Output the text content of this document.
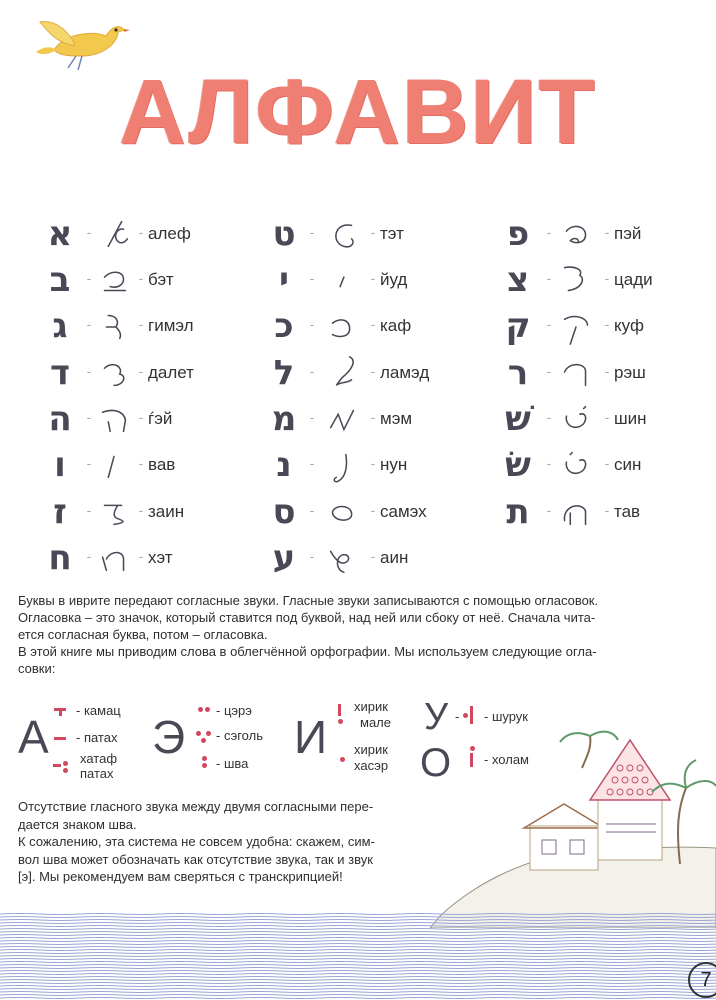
АЛФАВИТ
א	-	- алеф
ב	-	- бэт
ג	-	- гимэл
ד	-	- далет
ה	-	- ѓэй
ו	-	- вав
ז	-	- заин
ח	-	- хэт
ט	-	- тэт
י	-	- йуд
כ	-	- каф
ל	-	- ламэд
מ	-	- мэм
נ	-	- нун
ס	-	- самэх
ע	-	- аин
פ	-	- пэй
צ	-	- цади
ק	-	- куф
ר	-	- рэш
שׁ	-	- шин
שׂ	-	- син
ת	-	- тав
Буквы в иврите передают согласные звуки. Гласные звуки записываются с помощью огласовок.
Огласовка – это значок, который ставится под буквой, над ней или сбоку от неё. Сначала чита-
ется согласная буква, потом – огласовка.
В этой книге мы приводим слова в облегчённой орфографии. Мы используем следующие огла-
совки:
А
- камац
- патах
хатаф
патах
Э
- цэрэ
- сэголь
- шва
И
хирик
мале
хирик
хасэр
У	- шурук
-
О	- холам
Отсутствие гласного звука между двумя согласными пере-
дается знаком шва.
К сожалению, эта система не совсем удобна: скажем, сим-
вол шва может обозначать как отсутствие звука, так и звук
[э]. Мы рекомендуем вам сверяться с транскрипцией!
7
